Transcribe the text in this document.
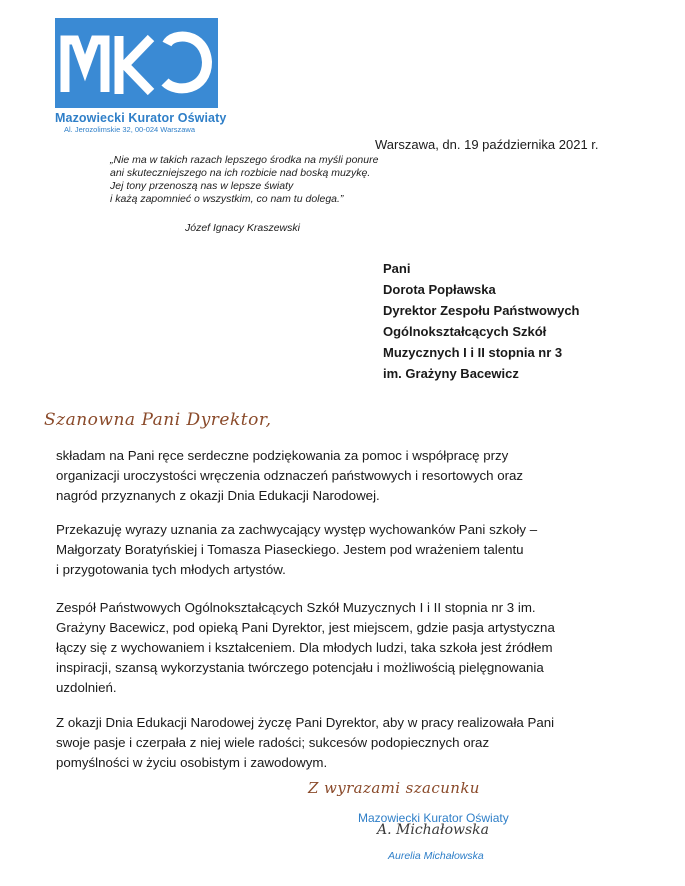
Mazowiecki Kurator Oświaty
Al. Jerozolimskie 32, 00-024 Warszawa
Warszawa, dn. 19 października 2021 r.
„Nie ma w takich razach lepszego środka na myśli ponure
ani skuteczniejszego na ich rozbicie nad boską muzykę.
Jej tony przenoszą nas w lepsze światy
i każą zapomnieć o wszystkim, co nam tu dolega.”
Józef Ignacy Kraszewski
Pani
Dorota Popławska
Dyrektor Zespołu Państwowych
Ogólnokształcących Szkół
Muzycznych I i II stopnia nr 3
im. Grażyny Bacewicz
Szanowna Pani Dyrektor,
składam na Pani ręce serdeczne podziękowania za pomoc i współpracę przy
organizacji uroczystości wręczenia odznaczeń państwowych i resortowych oraz
nagród przyznanych z okazji Dnia Edukacji Narodowej.
Przekazuję wyrazy uznania za zachwycający występ wychowanków Pani szkoły –
Małgorzaty Boratyńskiej i Tomasza Piaseckiego. Jestem pod wrażeniem talentu
i przygotowania tych młodych artystów.
Zespół Państwowych Ogólnokształcących Szkół Muzycznych I i II stopnia nr 3 im.
Grażyny Bacewicz, pod opieką Pani Dyrektor, jest miejscem, gdzie pasja artystyczna
łączy się z wychowaniem i kształceniem. Dla młodych ludzi, taka szkoła jest źródłem
inspiracji, szansą wykorzystania twórczego potencjału i możliwością pielęgnowania
uzdolnień.
Z okazji Dnia Edukacji Narodowej życzę Pani Dyrektor, aby w pracy realizowała Pani
swoje pasje i czerpała z niej wiele radości; sukcesów podopiecznych oraz
pomyślności w życiu osobistym i zawodowym.
Z wyrazami szacunku
Mazowiecki Kurator Oświaty
A. Michałowska
Aurelia Michałowska
